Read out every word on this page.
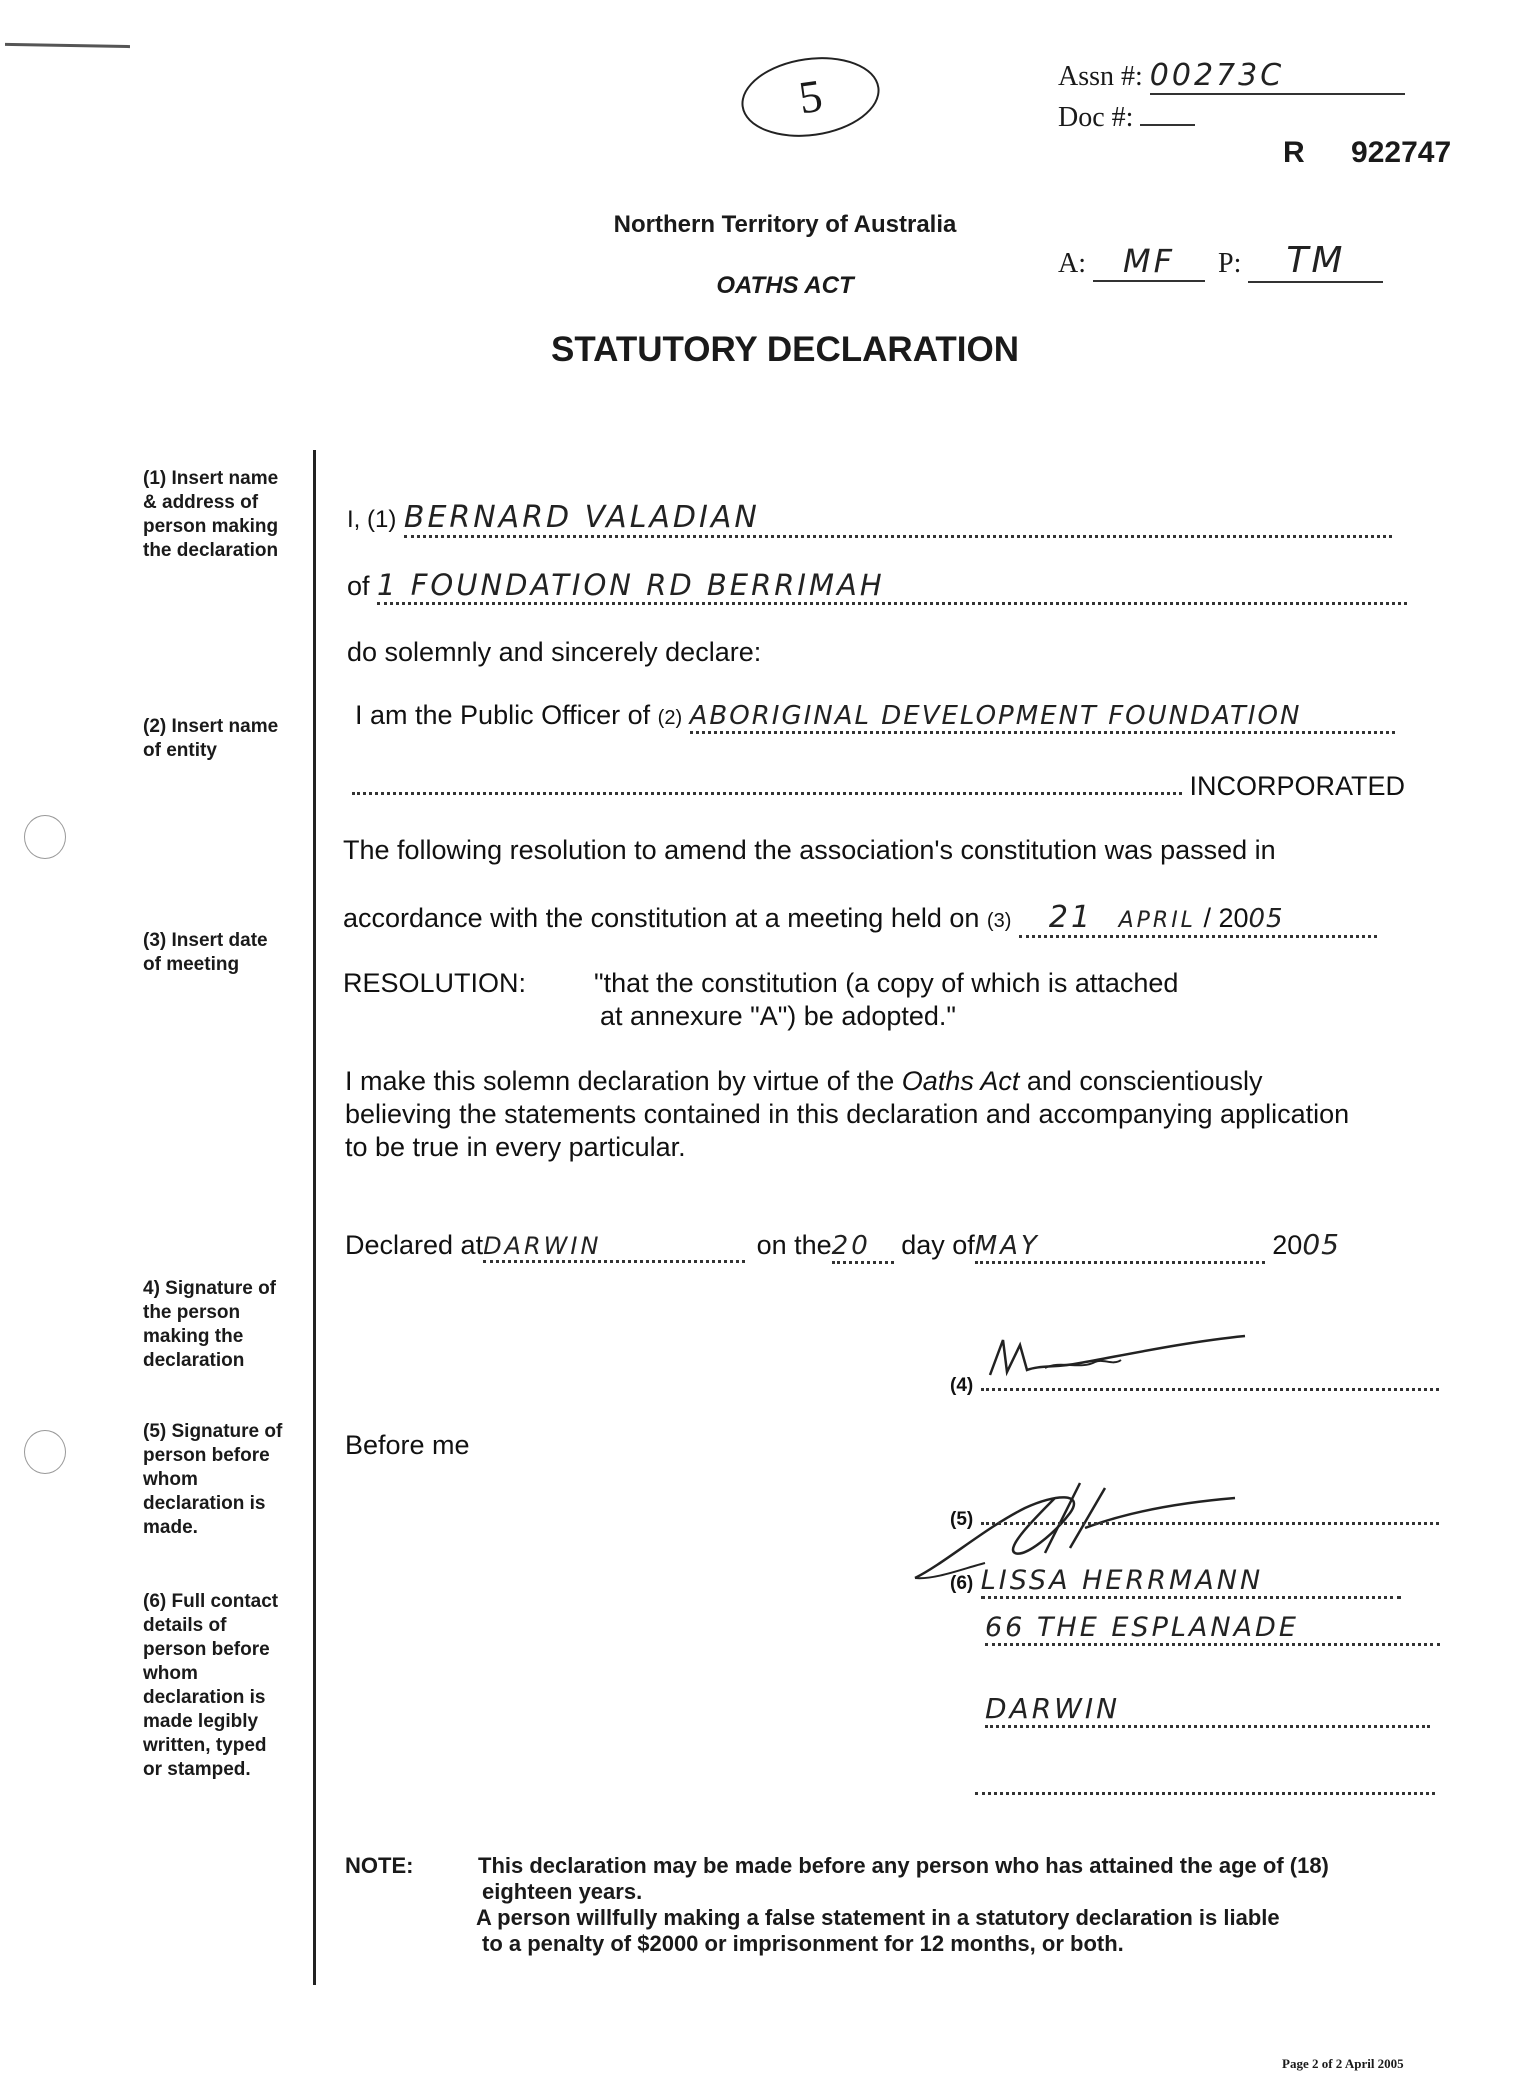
5	Assn #: 00273C
Doc #:
R 922747
A: MF P: TM
Northern Territory of Australia
OATHS ACT
STATUTORY DECLARATION
(1) Insert name
& address of
person making
the declaration
(2) Insert name
of entity
(3) Insert date
of meeting
4) Signature of
the person
making the
declaration
(5) Signature of
person before
whom
declaration is
made.
(6) Full contact
details of
person before
whom
declaration is
made legibly
written, typed
or stamped.
I, (1) BERNARD VALADIAN
of 1 FOUNDATION RD BERRIMAH
do solemnly and sincerely declare:
I am the Public Officer of (2) ABORIGINAL DEVELOPMENT FOUNDATION
INCORPORATED
The following resolution to amend the association's constitution was passed in
accordance with the constitution at a meeting held on (3) 21 APRIL / 2005
RESOLUTION:	"that the constitution (a copy of which is attached
at annexure "A") be adopted."
I make this solemn declaration by virtue of the Oaths Act and conscientiously
believing the statements contained in this declaration and accompanying application
to be true in every particular.
Declared atDARWIN	on the20 day ofMAY	2005
(4)
Before me
(5)
(6) LISSA HERRMANN
66 THE ESPLANADE
DARWIN
NOTE:	This declaration may be made before any person who has attained the age of (18)
eighteen years.
A person willfully making a false statement in a statutory declaration is liable
to a penalty of $2000 or imprisonment for 12 months, or both.
Page 2 of 2 April 2005
